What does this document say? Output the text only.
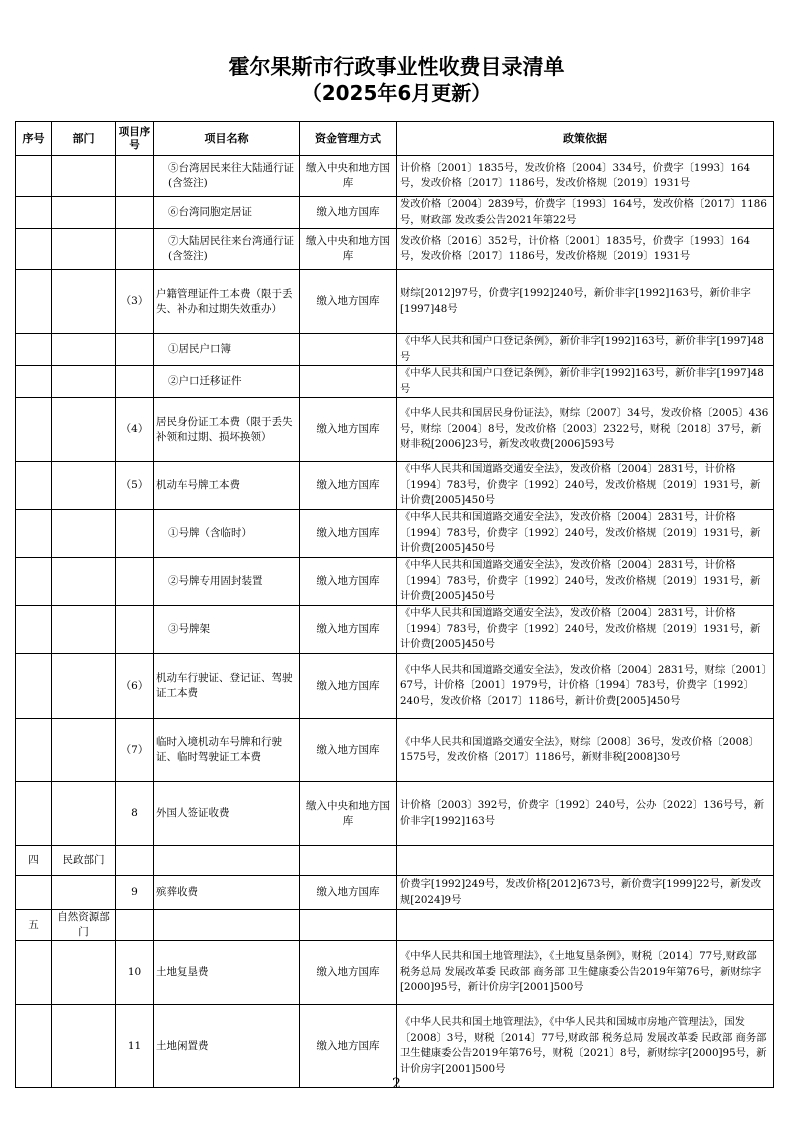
霍尔果斯市行政事业性收费目录清单
（2025年6月更新）
序号	部门	项目序号	项目名称	资金管理方式	政策依据
			⑤台湾居民来往大陆通行证(含签注)	缴入中央和地方国库	计价格〔2001〕1835号，发改价格〔2004〕334号，价费字〔1993〕164号，发改价格〔2017〕1186号，发改价格规〔2019〕1931号
			⑥台湾同胞定居证	缴入地方国库	发改价格〔2004〕2839号，价费字〔1993〕164号，发改价格〔2017〕1186号，财政部 发改委公告2021年第22号
			⑦大陆居民往来台湾通行证(含签注)	缴入中央和地方国库	发改价格〔2016〕352号，计价格〔2001〕1835号，价费字〔1993〕164号，发改价格〔2017〕1186号，发改价格规〔2019〕1931号
		（3）	户籍管理证件工本费（限于丢失、补办和过期失效重办）	缴入地方国库	财综[2012]97号，价费字[1992]240号，新价非字[1992]163号，新价非字[1997]48号
			①居民户口簿		《中华人民共和国户口登记条例》，新价非字[1992]163号，新价非字[1997]48号
			②户口迁移证件		《中华人民共和国户口登记条例》，新价非字[1992]163号，新价非字[1997]48号
		（4）	居民身份证工本费（限于丢失补领和过期、损坏换领）	缴入地方国库	《中华人民共和国居民身份证法》，财综〔2007〕34号，发改价格〔2005〕436号，财综〔2004〕8号，发改价格〔2003〕2322号，财税〔2018〕37号，新财非税[2006]23号，新发改收费[2006]593号
		（5）	机动车号牌工本费	缴入地方国库	《中华人民共和国道路交通安全法》，发改价格〔2004〕2831号，计价格〔1994〕783号，价费字〔1992〕240号，发改价格规〔2019〕1931号，新计价费[2005]450号
			①号牌（含临时）	缴入地方国库	《中华人民共和国道路交通安全法》，发改价格〔2004〕2831号，计价格〔1994〕783号，价费字〔1992〕240号，发改价格规〔2019〕1931号，新计价费[2005]450号
			②号牌专用固封装置	缴入地方国库	《中华人民共和国道路交通安全法》，发改价格〔2004〕2831号，计价格〔1994〕783号，价费字〔1992〕240号，发改价格规〔2019〕1931号，新计价费[2005]450号
			③号牌架	缴入地方国库	《中华人民共和国道路交通安全法》，发改价格〔2004〕2831号，计价格〔1994〕783号，价费字〔1992〕240号，发改价格规〔2019〕1931号，新计价费[2005]450号
		（6）	机动车行驶证、登记证、驾驶证工本费	缴入地方国库	《中华人民共和国道路交通安全法》，发改价格〔2004〕2831号，财综〔2001〕67号，计价格〔2001〕1979号，计价格〔1994〕783号，价费字〔1992〕240号，发改价格〔2017〕1186号，新计价费[2005]450号
		（7）	临时入境机动车号牌和行驶证、临时驾驶证工本费	缴入地方国库	《中华人民共和国道路交通安全法》，财综〔2008〕36号，发改价格〔2008〕1575号，发改价格〔2017〕1186号，新财非税[2008]30号
		8	外国人签证收费	缴入中央和地方国库	计价格〔2003〕392号，价费字〔1992〕240号，公办〔2022〕136号号，新价非字[1992]163号
四	民政部门				
		9	殡葬收费	缴入地方国库	价费字[1992]249号，发改价格[2012]673号，新价费字[1999]22号，新发改规[2024]9号
五	自然资源部门				
		10	土地复垦费	缴入地方国库	《中华人民共和国土地管理法》，《土地复垦条例》，财税〔2014〕77号,财政部 税务总局 发展改革委 民政部 商务部 卫生健康委公告2019年第76号，新财综字[2000]95号，新计价房字[2001]500号
		11	土地闲置费	缴入地方国库	《中华人民共和国土地管理法》，《中华人民共和国城市房地产管理法》，国发〔2008〕3号，财税〔2014〕77号,财政部 税务总局 发展改革委 民政部 商务部 卫生健康委公告2019年第76号，财税〔2021〕8号，新财综字[2000]95号，新计价房字[2001]500号
2
